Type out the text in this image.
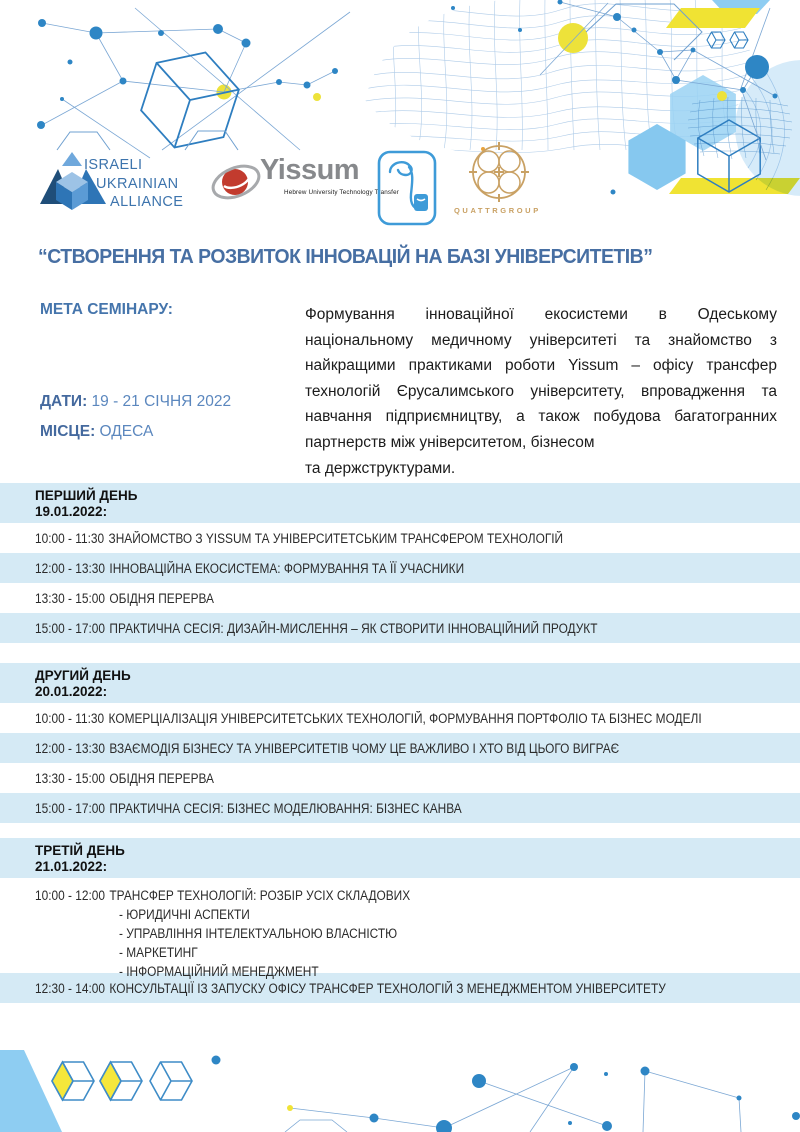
ISRAELI
UKRAINIAN
ALLIANCE
Yissum
Hebrew University Technology Transfer
QUATTRGROUP
“СТВОРЕННЯ ТА РОЗВИТОК ІННОВАЦІЙ НА БАЗІ УНІВЕРСИТЕТІВ”
МЕТА СЕМІНАРУ:	Формування інноваційної екосистеми в Одеському національному медичному університеті та знайомство з найкращими практиками роботи Yissum – офісу трансфер технологій Єрусалимського університету, впровадження та навчання підприємництву, а також побудова багатогранних партнерств між університетом, бізнесом
та держструктурами.
ДАТИ: 19 - 21 СІЧНЯ 2022
МІСЦЕ: ОДЕСА
ПЕРШИЙ ДЕНЬ
19.01.2022:
10:00 - 11:30 ЗНАЙОМСТВО З YISSUM ТА УНІВЕРСИТЕТСЬКИМ ТРАНСФЕРОМ ТЕХНОЛОГІЙ
12:00 - 13:30 ІННОВАЦІЙНА ЕКОСИСТЕМА: ФОРМУВАННЯ ТА ЇЇ УЧАСНИКИ
13:30 - 15:00 ОБІДНЯ ПЕРЕРВА
15:00 - 17:00 ПРАКТИЧНА СЕСІЯ: ДИЗАЙН-МИСЛЕННЯ – ЯК СТВОРИТИ ІННОВАЦІЙНИЙ ПРОДУКТ
ДРУГИЙ ДЕНЬ
20.01.2022:
10:00 - 11:30 КОМЕРЦІАЛІЗАЦІЯ УНІВЕРСИТЕТСЬКИХ ТЕХНОЛОГІЙ, ФОРМУВАННЯ ПОРТФОЛІО ТА БІЗНЕС МОДЕЛІ
12:00 - 13:30 ВЗАЄМОДІЯ БІЗНЕСУ ТА УНІВЕРСИТЕТІВ ЧОМУ ЦЕ ВАЖЛИВО І ХТО ВІД ЦЬОГО ВИГРАЄ
13:30 - 15:00 ОБІДНЯ ПЕРЕРВА
15:00 - 17:00 ПРАКТИЧНА СЕСІЯ: БІЗНЕС МОДЕЛЮВАННЯ: БІЗНЕС КАНВА
ТРЕТІЙ ДЕНЬ
21.01.2022:
10:00 - 12:00 ТРАНСФЕР ТЕХНОЛОГІЙ: РОЗБІР УСІХ СКЛАДОВИХ
- ЮРИДИЧНІ АСПЕКТИ
- УПРАВЛІННЯ ІНТЕЛЕКТУАЛЬНОЮ ВЛАСНІСТЮ
- МАРКЕТИНГ
- ІНФОРМАЦІЙНИЙ МЕНЕДЖМЕНТ
12:30 - 14:00 КОНСУЛЬТАЦІЇ ІЗ ЗАПУСКУ ОФІСУ ТРАНСФЕР ТЕХНОЛОГІЙ З МЕНЕДЖМЕНТОМ УНІВЕРСИТЕТУ
